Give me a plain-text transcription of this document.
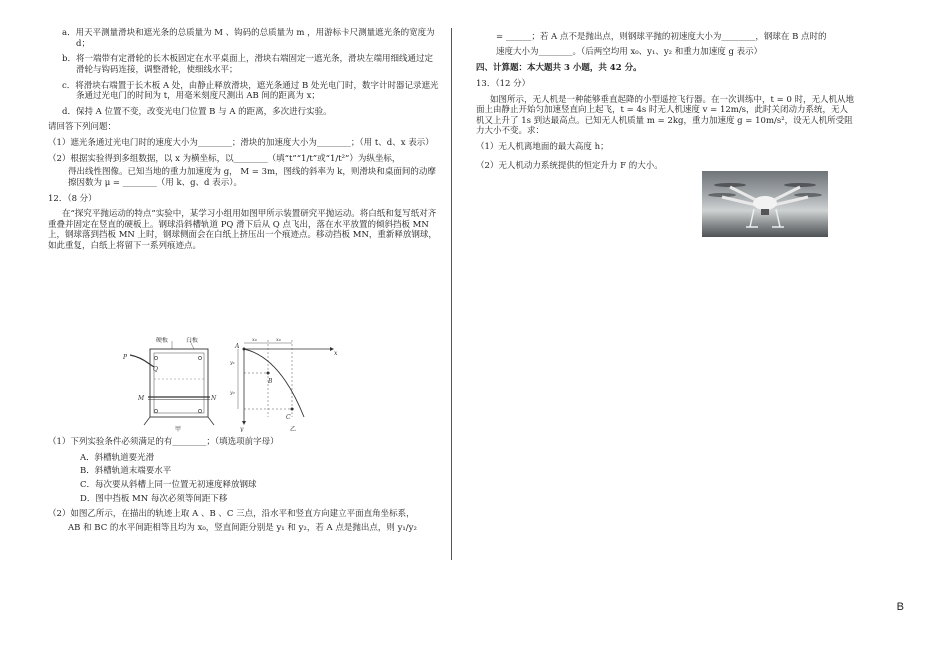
a．用天平测量滑块和遮光条的总质量为 M 、钩码的总质量为 m ，用游标卡尺测量遮光条的宽度为 d；

b．将一端带有定滑轮的长木板固定在水平桌面上，滑块右端固定一遮光条，滑块左端用细线通过定滑轮与钩码连接，调整滑轮，使细线水平；

c．将滑块右端置于长木板 A 处，由静止释放滑块，遮光条通过 B 处光电门时，数字计时器记录遮光条通过光电门的时间为 t，用毫米刻度尺测出 AB 间的距离为 x；

d．保持 A 位置不变，改变光电门位置 B 与 A 的距离，多次进行实验。

请回答下列问题：

（1）遮光条通过光电门时的速度大小为________；滑块的加速度大小为________；（用 t、d、x 表示）

（2）根据实验得到多组数据，以 x 为横坐标，以________（填“t”“1/t”或“1/t²”）为纵坐标，

得出线性图像。已知当地的重力加速度为 g， M = 3m，图线的斜率为 k，则滑块和桌面间的动摩擦因数为 μ = ________（用 k、g、d 表示）。

12．（8 分）

在“探究平抛运动的特点”实验中，某学习小组用如图甲所示装置研究平抛运动。将白纸和复写纸对齐重叠并固定在竖直的硬板上。钢球沿斜槽轨道 PQ 滑下后从 Q 点飞出，落在水平放置的倾斜挡板 MN 上，钢球落到挡板 MN 上时，钢球侧面会在白纸上挤压出一个痕迹点。移动挡板 MN，重新释放钢球，如此重复，白纸上将留下一系列痕迹点。

硬板	白板
P
Q
M	N
甲
A
B
C
x
y
x₀	x₀
y₁
y₂
乙

（1）下列实验条件必须满足的有________；（填选项前字母）

A．斜槽轨道要光滑

B．斜槽轨道末端要水平

C．每次要从斜槽上同一位置无初速度释放钢球

D．图中挡板 MN 每次必须等间距下移

（2）如图乙所示，在描出的轨迹上取 A 、B 、C 三点，沿水平和竖直方向建立平面直角坐标系，

AB 和 BC 的水平间距相等且均为 x₀，竖直间距分别是 y₁ 和 y₂，若 A 点是抛出点，则 y₁/y₂

= ______；若 A 点不是抛出点，则钢球平抛的初速度大小为________，钢球在 B 点时的

速度大小为________。（后两空均用 x₀、y₁、y₂ 和重力加速度 g 表示）

四、计算题：本大题共 3 小题，共 42 分。

13．（12 分）

如图所示，无人机是一种能够垂直起降的小型遥控飞行器。在一次训练中，t = 0 时，无人机从地面上由静止开始匀加速竖直向上起飞，t = 4s 时无人机速度 v = 12m/s，此时关闭动力系统，无人机又上升了 1s 到达最高点。已知无人机质量 m = 2kg，重力加速度 g = 10m/s²，设无人机所受阻力大小不变。求：

（1）无人机离地面的最大高度 h；

（2）无人机动力系统提供的恒定升力 F 的大小。

B
